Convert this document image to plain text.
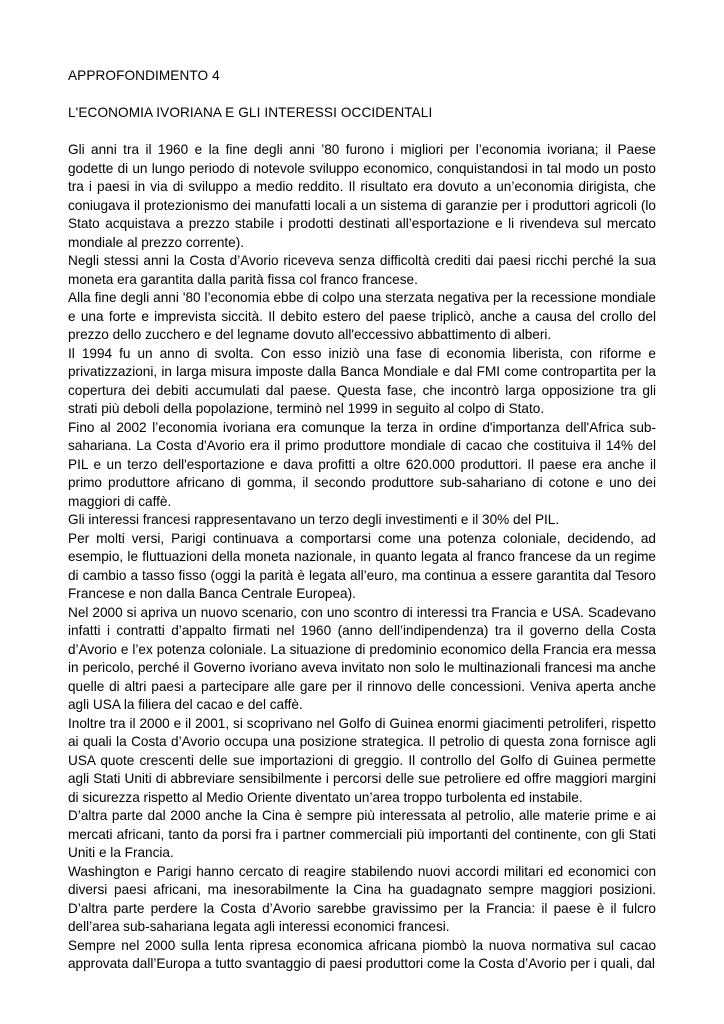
APPROFONDIMENTO 4

L'ECONOMIA IVORIANA E GLI INTERESSI OCCIDENTALI

Gli anni tra il 1960 e la fine degli anni ’80 furono i migliori per l’economia ivoriana; il Paese godette di un lungo periodo di notevole sviluppo economico, conquistandosi in tal modo un posto tra i paesi in via di sviluppo a medio reddito. Il risultato era dovuto a un’economia dirigista, che coniugava il protezionismo dei manufatti locali a un sistema di garanzie per i produttori agricoli (lo Stato acquistava a prezzo stabile i prodotti destinati all’esportazione e li rivendeva sul mercato mondiale al prezzo corrente).

Negli stessi anni la Costa d’Avorio riceveva senza difficoltà crediti dai paesi ricchi perché la sua moneta era garantita dalla parità fissa col franco francese.

Alla fine degli anni '80 l’economia ebbe di colpo una sterzata negativa per la recessione mondiale e una forte e imprevista siccità. Il debito estero del paese triplicò, anche a causa del crollo del prezzo dello zucchero e del legname dovuto all'eccessivo abbattimento di alberi.

Il 1994 fu un anno di svolta. Con esso iniziò una fase di economia liberista, con riforme e privatizzazioni, in larga misura imposte dalla Banca Mondiale e dal FMI come contropartita per la copertura dei debiti accumulati dal paese. Questa fase, che incontrò larga opposizione tra gli strati più deboli della popolazione, terminò nel 1999 in seguito al colpo di Stato.

Fino al 2002 l’economia ivoriana era comunque la terza in ordine d'importanza dell'Africa sub-sahariana. La Costa d'Avorio era il primo produttore mondiale di cacao che costituiva il 14% del PIL e un terzo dell'esportazione e dava profitti a oltre 620.000 produttori. Il paese era anche il primo produttore africano di gomma, il secondo produttore sub-sahariano di cotone e uno dei maggiori di caffè.

Gli interessi francesi rappresentavano un terzo degli investimenti e il 30% del PIL.

Per molti versi, Parigi continuava a comportarsi come una potenza coloniale, decidendo, ad esempio, le fluttuazioni della moneta nazionale, in quanto legata al franco francese da un regime di cambio a tasso fisso (oggi la parità è legata all’euro, ma continua a essere garantita dal Tesoro Francese e non dalla Banca Centrale Europea).

Nel 2000 si apriva un nuovo scenario, con uno scontro di interessi tra Francia e USA. Scadevano infatti i contratti d’appalto firmati nel 1960 (anno dell’indipendenza) tra il governo della Costa d’Avorio e l’ex potenza coloniale. La situazione di predominio economico della Francia era messa in pericolo, perché il Governo ivoriano aveva invitato non solo le multinazionali francesi ma anche quelle di altri paesi a partecipare alle gare per il rinnovo delle concessioni. Veniva aperta anche agli USA la filiera del cacao e del caffè.

Inoltre tra il 2000 e il 2001, si scoprivano nel Golfo di Guinea enormi giacimenti petroliferi, rispetto ai quali la Costa d’Avorio occupa una posizione strategica. Il petrolio di questa zona fornisce agli USA quote crescenti delle sue importazioni di greggio. Il controllo del Golfo di Guinea permette agli Stati Uniti di abbreviare sensibilmente i percorsi delle sue petroliere ed offre maggiori margini di sicurezza rispetto al Medio Oriente diventato un’area troppo turbolenta ed instabile.

D’altra parte dal 2000 anche la Cina è sempre più interessata al petrolio, alle materie prime e ai mercati africani, tanto da porsi fra i partner commerciali più importanti del continente, con gli Stati Uniti e la Francia.

Washington e Parigi hanno cercato di reagire stabilendo nuovi accordi militari ed economici con diversi paesi africani, ma inesorabilmente la Cina ha guadagnato sempre maggiori posizioni. D’altra parte perdere la Costa d’Avorio sarebbe gravissimo per la Francia: il paese è il fulcro dell’area sub-sahariana legata agli interessi economici francesi.

Sempre nel 2000 sulla lenta ripresa economica africana piombò la nuova normativa sul cacao approvata dall’Europa a tutto svantaggio di paesi produttori come la Costa d’Avorio per i quali, dal
